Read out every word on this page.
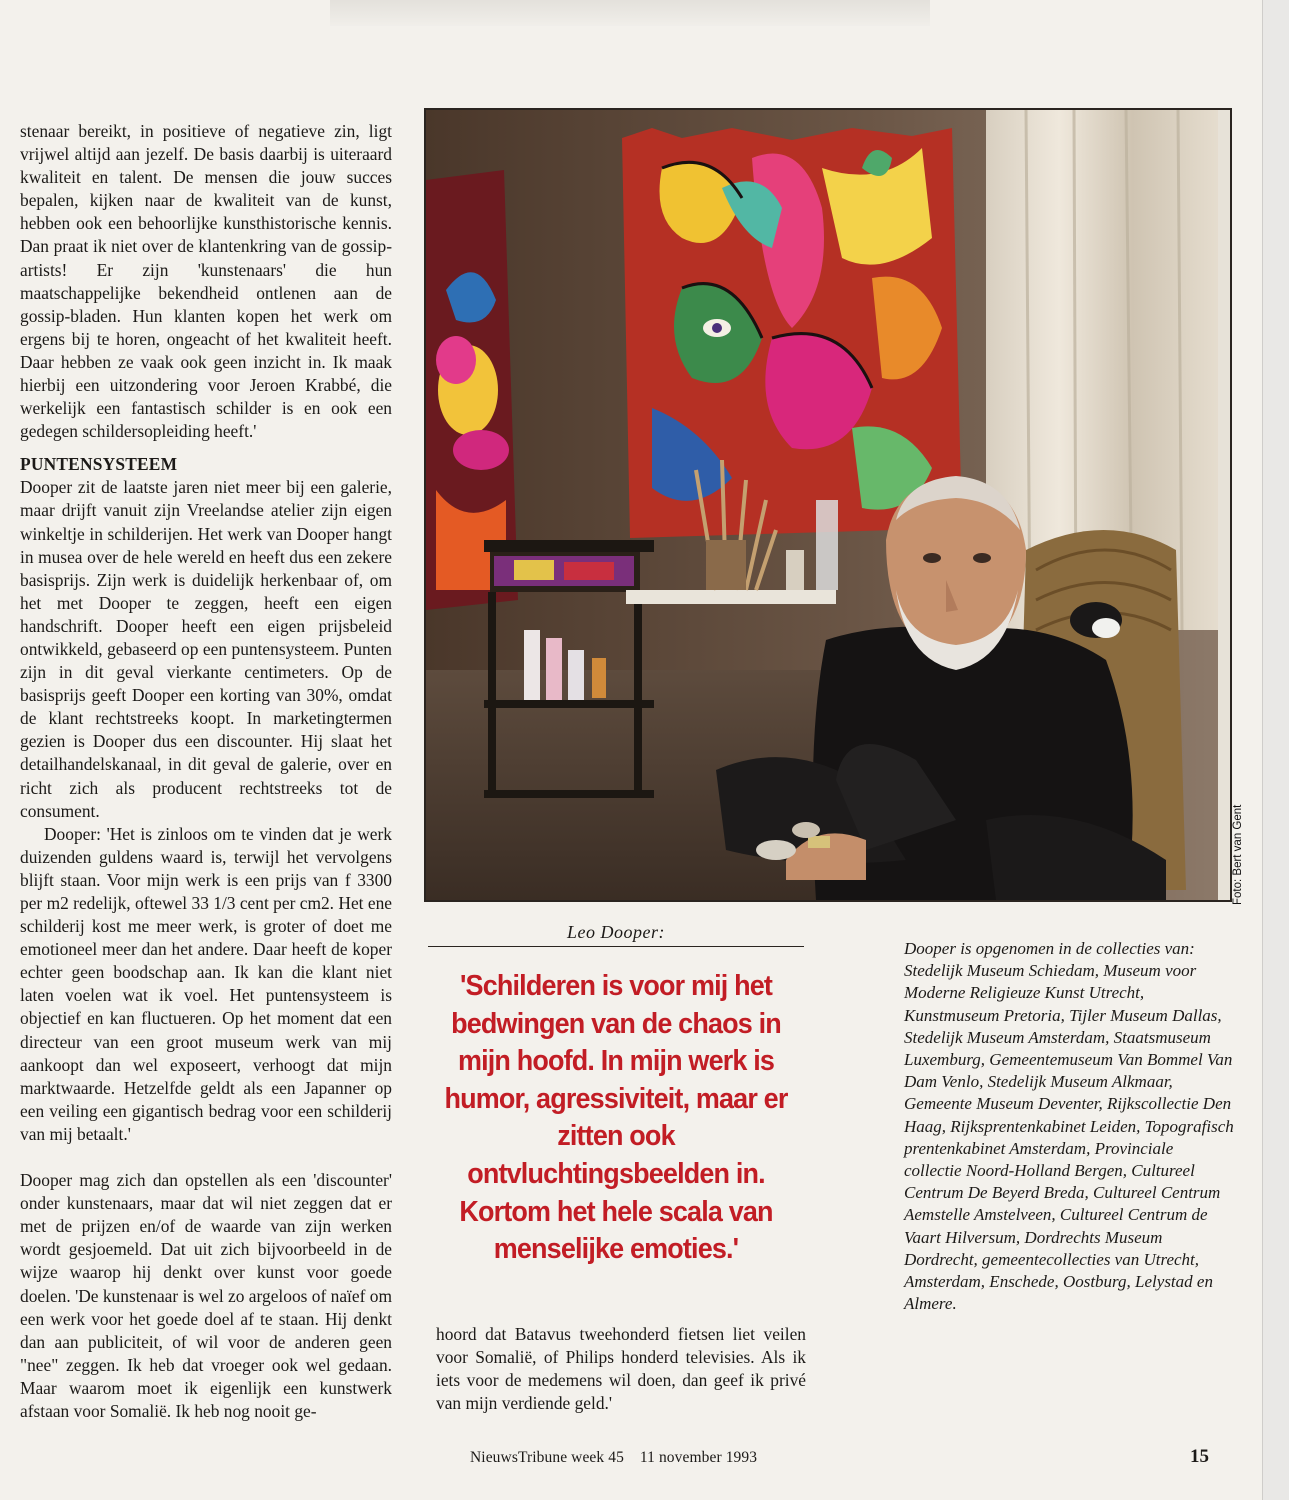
stenaar bereikt, in positieve of negatieve zin, ligt vrijwel altijd aan jezelf. De basis daarbij is uiteraard kwaliteit en talent. De mensen die jouw succes bepalen, kijken naar de kwaliteit van de kunst, hebben ook een behoorlijke kunsthistorische kennis. Dan praat ik niet over de klantenkring van de gossip-artists! Er zijn 'kunstenaars' die hun maatschappelijke bekendheid ontlenen aan de gossip-bladen. Hun klanten kopen het werk om ergens bij te horen, ongeacht of het kwaliteit heeft. Daar hebben ze vaak ook geen inzicht in. Ik maak hierbij een uitzondering voor Jeroen Krabbé, die werkelijk een fantastisch schilder is en ook een gedegen schildersopleiding heeft.'

PUNTENSYSTEEM

Dooper zit de laatste jaren niet meer bij een galerie, maar drijft vanuit zijn Vreelandse atelier zijn eigen winkeltje in schilderijen. Het werk van Dooper hangt in musea over de hele wereld en heeft dus een zekere basisprijs. Zijn werk is duidelijk herkenbaar of, om het met Dooper te zeggen, heeft een eigen handschrift. Dooper heeft een eigen prijsbeleid ontwikkeld, gebaseerd op een puntensysteem. Punten zijn in dit geval vierkante centimeters. Op de basisprijs geeft Dooper een korting van 30%, omdat de klant rechtstreeks koopt. In marketingtermen gezien is Dooper dus een discounter. Hij slaat het detailhandelskanaal, in dit geval de galerie, over en richt zich als producent rechtstreeks tot de consument.

Dooper: 'Het is zinloos om te vinden dat je werk duizenden guldens waard is, terwijl het vervolgens blijft staan. Voor mijn werk is een prijs van f 3300 per m2 redelijk, oftewel 33 1/3 cent per cm2. Het ene schilderij kost me meer werk, is groter of doet me emotioneel meer dan het andere. Daar heeft de koper echter geen boodschap aan. Ik kan die klant niet laten voelen wat ik voel. Het puntensysteem is objectief en kan fluctueren. Op het moment dat een directeur van een groot museum werk van mij aankoopt dan wel exposeert, verhoogt dat mijn marktwaarde. Hetzelfde geldt als een Japanner op een veiling een gigantisch bedrag voor een schilderij van mij betaalt.'

Dooper mag zich dan opstellen als een 'discounter' onder kunstenaars, maar dat wil niet zeggen dat er met de prijzen en/of de waarde van zijn werken wordt gesjoemeld. Dat uit zich bijvoorbeeld in de wijze waarop hij denkt over kunst voor goede doelen. 'De kunstenaar is wel zo argeloos of naïef om een werk voor het goede doel af te staan. Hij denkt dan aan publiciteit, of wil voor de anderen geen "nee" zeggen. Ik heb dat vroeger ook wel gedaan. Maar waarom moet ik eigenlijk een kunstwerk afstaan voor Somalië. Ik heb nog nooit ge-

Foto: Bert van Gent
Leo Dooper:
'Schilderen is voor mij het bedwingen van de chaos in mijn hoofd. In mijn werk is humor, agressiviteit, maar er zitten ook ontvluchtingsbeelden in. Kortom het hele scala van menselijke emoties.'

hoord dat Batavus tweehonderd fietsen liet veilen voor Somalië, of Philips honderd televisies. Als ik iets voor de medemens wil doen, dan geef ik privé van mijn verdiende geld.'

Dooper is opgenomen in de collecties van:
Stedelijk Museum Schiedam, Museum voor Moderne Religieuze Kunst Utrecht, Kunstmuseum Pretoria, Tijler Museum Dallas, Stedelijk Museum Amsterdam, Staatsmuseum Luxemburg, Gemeentemuseum Van Bommel Van Dam Venlo, Stedelijk Museum Alkmaar, Gemeente Museum Deventer, Rijkscollectie Den Haag, Rijksprentenkabinet Leiden, Topografisch prentenkabinet Amsterdam, Provinciale collectie Noord-Holland Bergen, Cultureel Centrum De Beyerd Breda, Cultureel Centrum Aemstelle Amstelveen, Cultureel Centrum de Vaart Hilversum, Dordrechts Museum Dordrecht, gemeentecollecties van Utrecht, Amsterdam, Enschede, Oostburg, Lelystad en Almere.
NieuwsTribune week 45 11 november 1993	15
